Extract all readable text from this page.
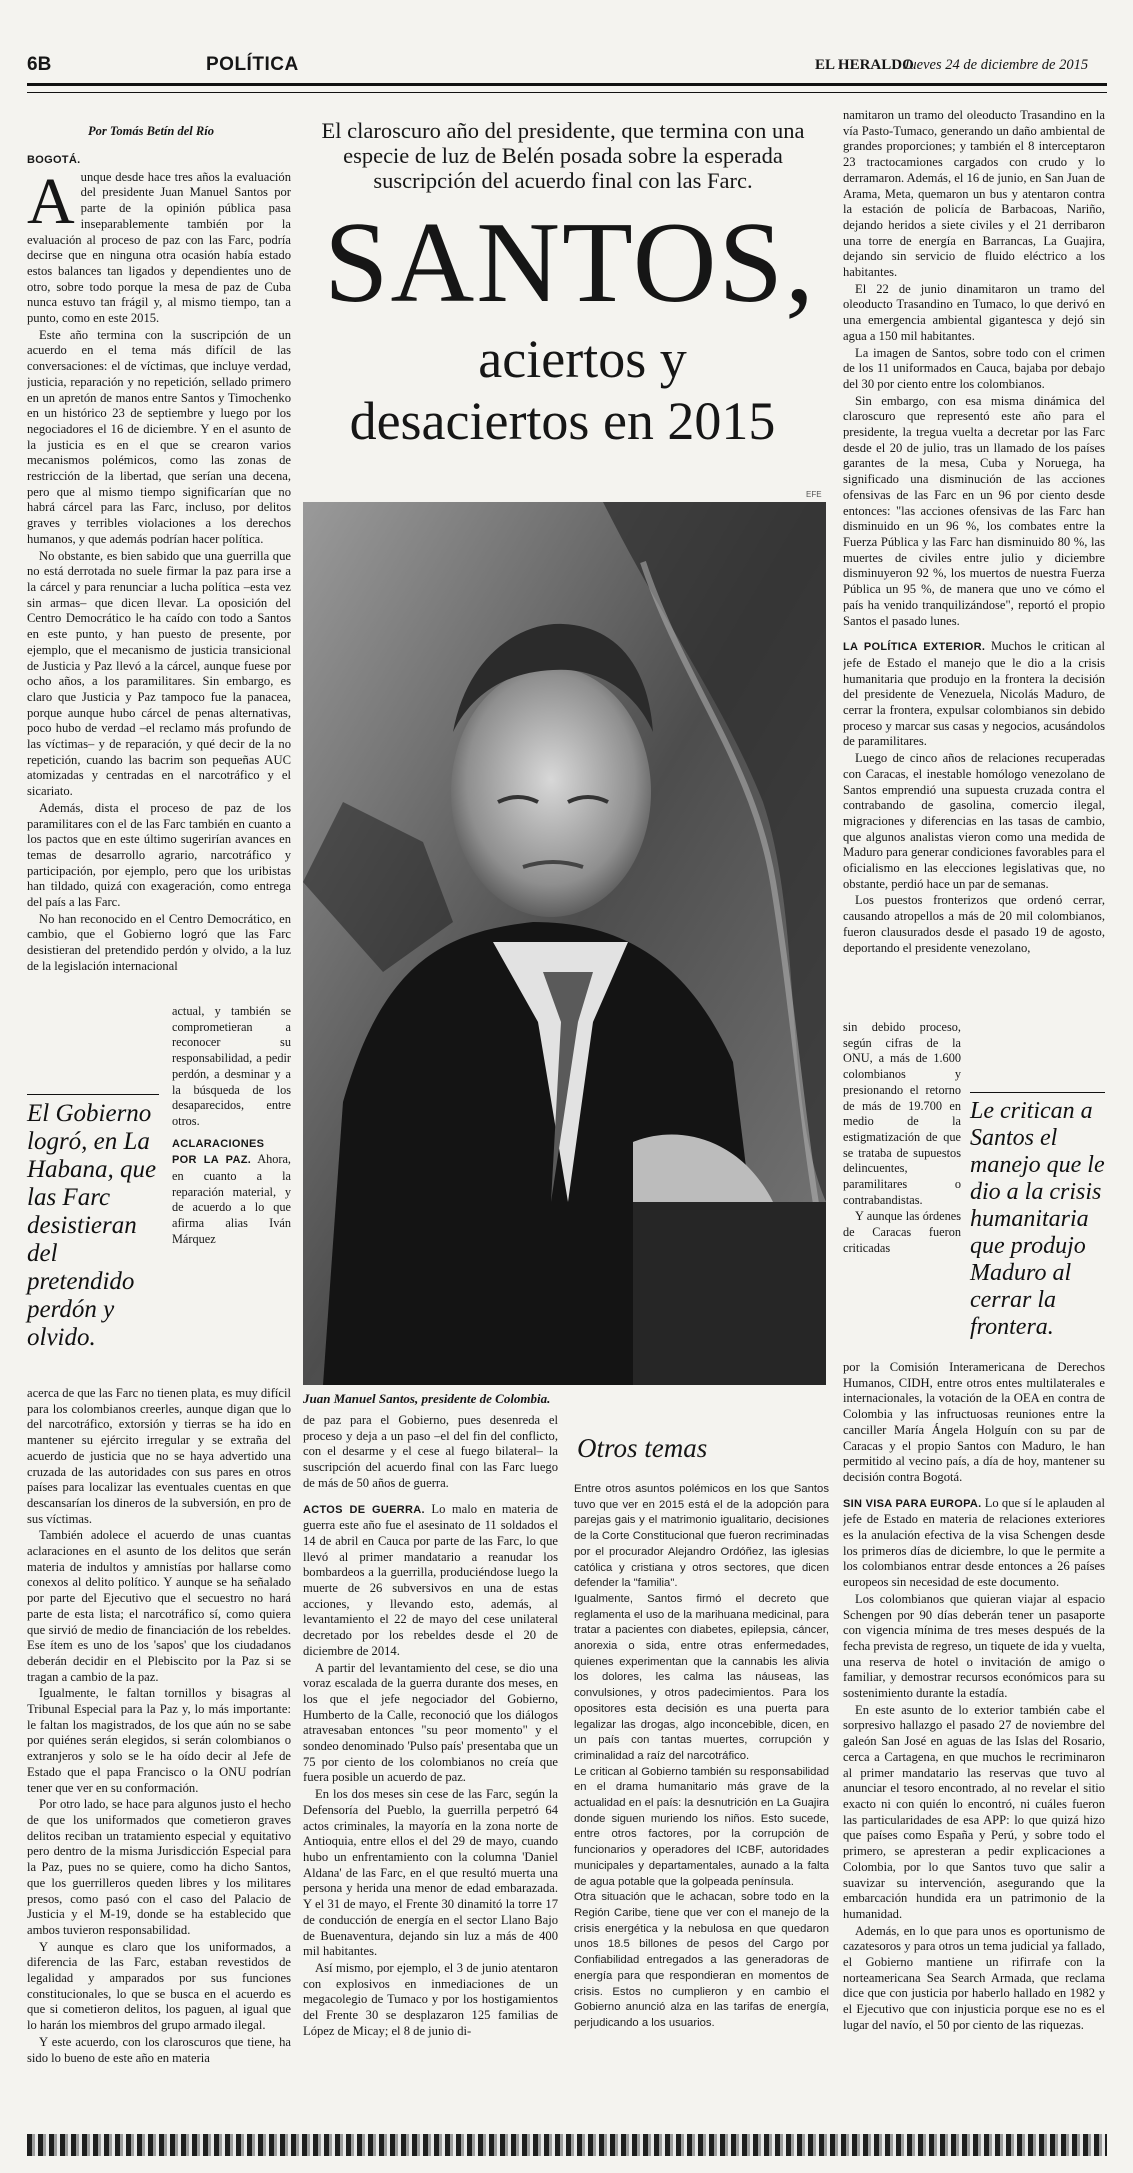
6B	POLÍTICA	EL HERALDO
Jueves 24 de diciembre de 2015
Por Tomás Betín del Río

BOGOTÁ.

Aunque desde hace tres años la evaluación del presidente Juan Manuel Santos por parte de la opinión pública pasa inseparablemente también por la evaluación al proceso de paz con las Farc, podría decirse que en ninguna otra ocasión había estado estos balances tan ligados y dependientes uno de otro, sobre todo porque la mesa de paz de Cuba nunca estuvo tan frágil y, al mismo tiempo, tan a punto, como en este 2015.

Este año termina con la suscripción de un acuerdo en el tema más difícil de las conversaciones: el de víctimas, que incluye verdad, justicia, reparación y no repetición, sellado primero en un apretón de manos entre Santos y Timochenko en un histórico 23 de septiembre y luego por los negociadores el 16 de diciembre. Y en el asunto de la justicia es en el que se crearon varios mecanismos polémicos, como las zonas de restricción de la libertad, que serían una decena, pero que al mismo tiempo significarían que no habrá cárcel para las Farc, incluso, por delitos graves y terribles violaciones a los derechos humanos, y que además podrían hacer política.

No obstante, es bien sabido que una guerrilla que no está derrotada no suele firmar la paz para irse a la cárcel y para renunciar a lucha política –esta vez sin armas– que dicen llevar. La oposición del Centro Democrático le ha caído con todo a Santos en este punto, y han puesto de presente, por ejemplo, que el mecanismo de justicia transicional de Justicia y Paz llevó a la cárcel, aunque fuese por ocho años, a los paramilitares. Sin embargo, es claro que Justicia y Paz tampoco fue la panacea, porque aunque hubo cárcel de penas alternativas, poco hubo de verdad –el reclamo más profundo de las víctimas– y de reparación, y qué decir de la no repetición, cuando las bacrim son pequeñas AUC atomizadas y centradas en el narcotráfico y el sicariato.

Además, dista el proceso de paz de los paramilitares con el de las Farc también en cuanto a los pactos que en este último sugerirían avances en temas de desarrollo agrario, narcotráfico y participación, por ejemplo, pero que los uribistas han tildado, quizá con exageración, como entrega del país a las Farc.

No han reconocido en el Centro Democrático, en cambio, que el Gobierno logró que las Farc desistieran del pretendido perdón y olvido, a la luz de la legislación internacional

El Gobierno logró, en La Habana, que las Farc desistieran del pretendido perdón y olvido.

actual, y también se comprometieran a reconocer su responsabilidad, a pedir perdón, a desminar y a la búsqueda de los desaparecidos, entre otros.

ACLARACIONES POR LA PAZ. Ahora, en cuanto a la reparación material, y de acuerdo a lo que afirma alias Iván Márquez

acerca de que las Farc no tienen plata, es muy difícil para los colombianos creerles, aunque digan que lo del narcotráfico, extorsión y tierras se ha ido en mantener su ejército irregular y se extraña del acuerdo de justicia que no se haya advertido una cruzada de las autoridades con sus pares en otros países para localizar las eventuales cuentas en que descansarían los dineros de la subversión, en pro de sus víctimas.

También adolece el acuerdo de unas cuantas aclaraciones en el asunto de los delitos que serán materia de indultos y amnistías por hallarse como conexos al delito político. Y aunque se ha señalado por parte del Ejecutivo que el secuestro no hará parte de esta lista; el narcotráfico sí, como quiera que sirvió de medio de financiación de los rebeldes. Ese ítem es uno de los 'sapos' que los ciudadanos deberán decidir en el Plebiscito por la Paz si se tragan a cambio de la paz.

Igualmente, le faltan tornillos y bisagras al Tribunal Especial para la Paz y, lo más importante: le faltan los magistrados, de los que aún no se sabe por quiénes serán elegidos, si serán colombianos o extranjeros y solo se le ha oído decir al Jefe de Estado que el papa Francisco o la ONU podrían tener que ver en su conformación.

Por otro lado, se hace para algunos justo el hecho de que los uniformados que cometieron graves delitos reciban un tratamiento especial y equitativo pero dentro de la misma Jurisdicción Especial para la Paz, pues no se quiere, como ha dicho Santos, que los guerrilleros queden libres y los militares presos, como pasó con el caso del Palacio de Justicia y el M-19, donde se ha establecido que ambos tuvieron responsabilidad.

Y aunque es claro que los uniformados, a diferencia de las Farc, estaban revestidos de legalidad y amparados por sus funciones constitucionales, lo que se busca en el acuerdo es que si cometieron delitos, los paguen, al igual que lo harán los miembros del grupo armado ilegal.

Y este acuerdo, con los claroscuros que tiene, ha sido lo bueno de este año en materia

El claroscuro año del presidente, que termina con una especie de luz de Belén posada sobre la esperada suscripción del acuerdo final con las Farc.
SANTOS,
aciertos y
desaciertos en 2015
EFE
Juan Manuel Santos, presidente de Colombia.

de paz para el Gobierno, pues desenreda el proceso y deja a un paso –el del fin del conflicto, con el desarme y el cese al fuego bilateral– la suscripción del acuerdo final con las Farc luego de más de 50 años de guerra.

ACTOS DE GUERRA. Lo malo en materia de guerra este año fue el asesinato de 11 soldados el 14 de abril en Cauca por parte de las Farc, lo que llevó al primer mandatario a reanudar los bombardeos a la guerrilla, produciéndose luego la muerte de 26 subversivos en una de estas acciones, y llevando esto, además, al levantamiento el 22 de mayo del cese unilateral decretado por los rebeldes desde el 20 de diciembre de 2014.

A partir del levantamiento del cese, se dio una voraz escalada de la guerra durante dos meses, en los que el jefe negociador del Gobierno, Humberto de la Calle, reconoció que los diálogos atravesaban entonces "su peor momento" y el sondeo denominado 'Pulso país' presentaba que un 75 por ciento de los colombianos no creía que fuera posible un acuerdo de paz.

En los dos meses sin cese de las Farc, según la Defensoría del Pueblo, la guerrilla perpetró 64 actos criminales, la mayoría en la zona norte de Antioquia, entre ellos el del 29 de mayo, cuando hubo un enfrentamiento con la columna 'Daniel Aldana' de las Farc, en el que resultó muerta una persona y herida una menor de edad embarazada. Y el 31 de mayo, el Frente 30 dinamitó la torre 17 de conducción de energía en el sector Llano Bajo de Buenaventura, dejando sin luz a más de 400 mil habitantes.

Así mismo, por ejemplo, el 3 de junio atentaron con explosivos en inmediaciones de un megacolegio de Tumaco y por los hostigamientos del Frente 30 se desplazaron 125 familias de López de Micay; el 8 de junio di-

Otros temas

Entre otros asuntos polémicos en los que Santos tuvo que ver en 2015 está el de la adopción para parejas gais y el matrimonio igualitario, decisiones de la Corte Constitucional que fueron recriminadas por el procurador Alejandro Ordóñez, las iglesias católica y cristiana y otros sectores, que dicen defender la "familia".

Igualmente, Santos firmó el decreto que reglamenta el uso de la marihuana medicinal, para tratar a pacientes con diabetes, epilepsia, cáncer, anorexia o sida, entre otras enfermedades, quienes experimentan que la cannabis les alivia los dolores, les calma las náuseas, las convulsiones, y otros padecimientos. Para los opositores esta decisión es una puerta para legalizar las drogas, algo inconcebible, dicen, en un país con tantas muertes, corrupción y criminalidad a raíz del narcotráfico.

Le critican al Gobierno también su responsabilidad en el drama humanitario más grave de la actualidad en el país: la desnutrición en La Guajira donde siguen muriendo los niños. Esto sucede, entre otros factores, por la corrupción de funcionarios y operadores del ICBF, autoridades municipales y departamentales, aunado a la falta de agua potable que la golpeada península.

Otra situación que le achacan, sobre todo en la Región Caribe, tiene que ver con el manejo de la crisis energética y la nebulosa en que quedaron unos 18.5 billones de pesos del Cargo por Confiabilidad entregados a las generadoras de energía para que respondieran en momentos de crisis. Estos no cumplieron y en cambio el Gobierno anunció alza en las tarifas de energía, perjudicando a los usuarios.

namitaron un tramo del oleoducto Trasandino en la vía Pasto-Tumaco, generando un daño ambiental de grandes proporciones; y también el 8 interceptaron 23 tractocamiones cargados con crudo y lo derramaron. Además, el 16 de junio, en San Juan de Arama, Meta, quemaron un bus y atentaron contra la estación de policía de Barbacoas, Nariño, dejando heridos a siete civiles y el 21 derribaron una torre de energía en Barrancas, La Guajira, dejando sin servicio de fluido eléctrico a los habitantes.

El 22 de junio dinamitaron un tramo del oleoducto Trasandino en Tumaco, lo que derivó en una emergencia ambiental gigantesca y dejó sin agua a 150 mil habitantes.

La imagen de Santos, sobre todo con el crimen de los 11 uniformados en Cauca, bajaba por debajo del 30 por ciento entre los colombianos.

Sin embargo, con esa misma dinámica del claroscuro que representó este año para el presidente, la tregua vuelta a decretar por las Farc desde el 20 de julio, tras un llamado de los países garantes de la mesa, Cuba y Noruega, ha significado una disminución de las acciones ofensivas de las Farc en un 96 por ciento desde entonces: "las acciones ofensivas de las Farc han disminuido en un 96 %, los combates entre la Fuerza Pública y las Farc han disminuido 80 %, las muertes de civiles entre julio y diciembre disminuyeron 92 %, los muertos de nuestra Fuerza Pública un 95 %, de manera que uno ve cómo el país ha venido tranquilizándose", reportó el propio Santos el pasado lunes.

LA POLÍTICA EXTERIOR. Muchos le critican al jefe de Estado el manejo que le dio a la crisis humanitaria que produjo en la frontera la decisión del presidente de Venezuela, Nicolás Maduro, de cerrar la frontera, expulsar colombianos sin debido proceso y marcar sus casas y negocios, acusándolos de paramilitares.

Luego de cinco años de relaciones recuperadas con Caracas, el inestable homólogo venezolano de Santos emprendió una supuesta cruzada contra el contrabando de gasolina, comercio ilegal, migraciones y diferencias en las tasas de cambio, que algunos analistas vieron como una medida de Maduro para generar condiciones favorables para el oficialismo en las elecciones legislativas que, no obstante, perdió hace un par de semanas.

Los puestos fronterizos que ordenó cerrar, causando atropellos a más de 20 mil colombianos, fueron clausurados desde el pasado 19 de agosto, deportando el presidente venezolano,

sin debido proceso, según cifras de la ONU, a más de 1.600 colombianos y presionando el retorno de más de 19.700 en medio de la estigmatización de que se trataba de supuestos delincuentes, paramilitares o contrabandistas.

Y aunque las órdenes de Caracas fueron criticadas

Le critican a Santos el manejo que le dio a la crisis humanitaria que produjo Maduro al cerrar la frontera.

por la Comisión Interamericana de Derechos Humanos, CIDH, entre otros entes multilaterales e internacionales, la votación de la OEA en contra de Colombia y las infructuosas reuniones entre la canciller María Ángela Holguín con su par de Caracas y el propio Santos con Maduro, le han permitido al vecino país, a día de hoy, mantener su decisión contra Bogotá.

SIN VISA PARA EUROPA. Lo que sí le aplauden al jefe de Estado en materia de relaciones exteriores es la anulación efectiva de la visa Schengen desde los primeros días de diciembre, lo que le permite a los colombianos entrar desde entonces a 26 países europeos sin necesidad de este documento.

Los colombianos que quieran viajar al espacio Schengen por 90 días deberán tener un pasaporte con vigencia mínima de tres meses después de la fecha prevista de regreso, un tiquete de ida y vuelta, una reserva de hotel o invitación de amigo o familiar, y demostrar recursos económicos para su sostenimiento durante la estadía.

En este asunto de lo exterior también cabe el sorpresivo hallazgo el pasado 27 de noviembre del galeón San José en aguas de las Islas del Rosario, cerca a Cartagena, en que muchos le recriminaron al primer mandatario las reservas que tuvo al anunciar el tesoro encontrado, al no revelar el sitio exacto ni con quién lo encontró, ni cuáles fueron las particularidades de esa APP: lo que quizá hizo que países como España y Perú, y sobre todo el primero, se apresteran a pedir explicaciones a Colombia, por lo que Santos tuvo que salir a suavizar su intervención, asegurando que la embarcación hundida era un patrimonio de la humanidad.

Además, en lo que para unos es oportunismo de cazatesoros y para otros un tema judicial ya fallado, el Gobierno mantiene un rifirrafe con la norteamericana Sea Search Armada, que reclama dice que con justicia por haberlo hallado en 1982 y el Ejecutivo que con injusticia porque ese no es el lugar del navío, el 50 por ciento de las riquezas.
